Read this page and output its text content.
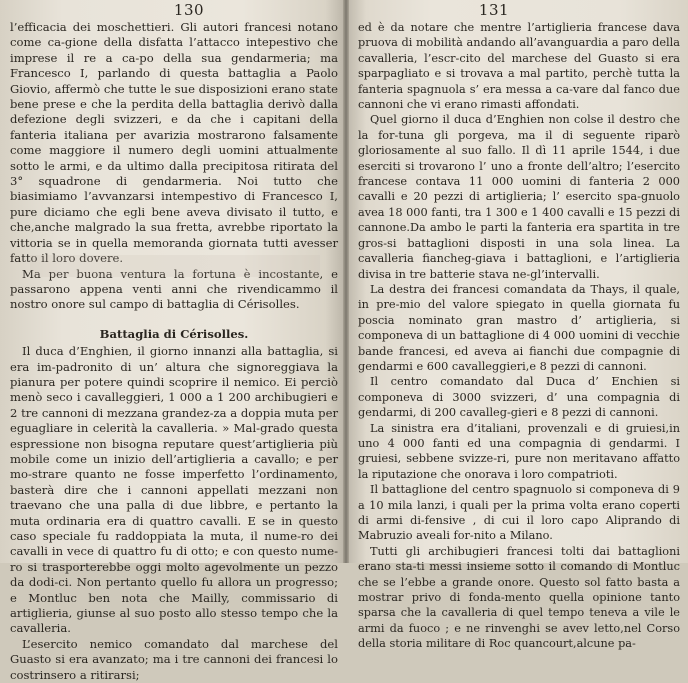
130

l’efficacia dei moschettieri. Gli autori francesi notano come ca-gione della disfatta l’attacco intepestivo che imprese il re a ca-po della sua gendarmeria; ma Francesco I, parlando di questa battaglia a Paolo Giovio, affermò che tutte le sue disposizioni erano state bene prese e che la perdita della battaglia derivò dalla defezione degli svizzeri, e da che i capitani della fanteria italiana per avarizia mostrarono falsamente come maggiore il numero degli uomini attualmente sotto le armi, e da ultimo dalla precipitosa ritirata del 3° squadrone di gendarmeria. Noi tutto che biasimiamo l’avvanzarsi intempestivo di Francesco I, pure diciamo che egli bene aveva divisato il tutto, e che,anche malgrado la sua fretta, avrebbe riportato la vittoria se in quella memoranda giornata tutti avesser fatto il loro dovere.

Ma per buona ventura la fortuna è incostante, e passarono appena venti anni che rivendicammo il nostro onore sul campo di battaglia di Cérisolles.

Battaglia di Cérisolles.

Il duca d’Enghien, il giorno innanzi alla battaglia, si era im-padronito di un’ altura che signoreggiava la pianura per potere quindi scoprire il nemico. Ei perciò menò seco i cavalleggieri, 1 000 a 1 200 archibugieri e 2 tre cannoni di mezzana grandez-za a doppia muta per eguagliare in celerità la cavalleria. » Mal-grado questa espressione non bisogna reputare quest’artiglieria più mobile come un inizio dell’artiglieria a cavallo; e per mo-strare quanto ne fosse imperfetto l’ordinamento, basterà dire che i cannoni appellati mezzani non traevano che una palla di due libbre, e pertanto la muta ordinaria era di quattro cavalli. E se in questo caso speciale fu raddoppiata la muta, il nume-ro dei cavalli in vece di quattro fu di otto; e con questo nume-ro si trasporterebbe oggi molto agevolmente un pezzo da dodi-ci. Non pertanto quello fu allora un progresso; e Montluc ben nota che Mailly, commissario di artiglieria, giunse al suo posto allo stesso tempo che la cavalleria.

L’esercito nemico comandato dal marchese del Guasto si era avanzato; ma i tre cannoni dei francesi lo costrinsero a ritirarsi;

131

ed è da notare che mentre l’artiglieria francese dava pruova di mobilità andando all’avanguardia a paro della cavalleria, l’escr-cito del marchese del Guasto si era sparpagliato e si trovava a mal partito, perchè tutta la fanteria spagnuola s’ era messa a ca-vare dal fanco due cannoni che vi erano rimasti affondati.

Quel giorno il duca d’Enghien non colse il destro che la for-tuna gli porgeva, ma il di seguente riparò gloriosamente al suo fallo. Il dì 11 aprile 1544, i due eserciti si trovarono l’ uno a fronte dell’altro; l’esercito francese contava 11 000 uomini di fanteria 2 000 cavalli e 20 pezzi di artiglieria; l’ esercito spa-gnuolo avea 18 000 fanti, tra 1 300 e 1 400 cavalli e 15 pezzi di cannone.Da ambo le parti la fanteria era spartita in tre gros-si battaglioni disposti in una sola linea. La cavalleria fiancheg-giava i battaglioni, e l’artiglieria divisa in tre batterie stava ne-gl’intervalli.

La destra dei francesi comandata da Thays, il quale, in pre-mio del valore spiegato in quella giornata fu poscia nominato gran mastro d’ artiglieria, si componeva di un battaglione di 4 000 uomini di vecchie bande francesi, ed aveva ai fianchi due compagnie di gendarmi e 600 cavalleggieri,e 8 pezzi di cannoni.

Il centro comandato dal Duca d’ Enchien si componeva di 3000 svizzeri, d’ una compagnia di gendarmi, di 200 cavalleg-gieri e 8 pezzi di cannoni.

La sinistra era d’italiani, provenzali e di gruiesi,in uno 4 000 fanti ed una compagnia di gendarmi. I gruiesi, sebbene svizze-ri, pure non meritavano affatto la riputazione che onorava i loro compatrioti.

Il battaglione del centro spagnuolo si componeva di 9 a 10 mila lanzi, i quali per la prima volta erano coperti di armi di-fensive , di cui il loro capo Aliprando di Mabruzio aveali for-nito a Milano.

Tutti gli archibugieri francesi tolti dai battaglioni erano sta-ti messi insieme sotto il comando di Montluc che se l’ebbe a grande onore. Questo sol fatto basta a mostrar privo di fonda-mento quella opinione tanto sparsa che la cavalleria di quel tempo teneva a vile le armi da fuoco ; e ne rinvenghi se avev letto,nel Corso della storia militare di Roc quancourt,alcune pa-
